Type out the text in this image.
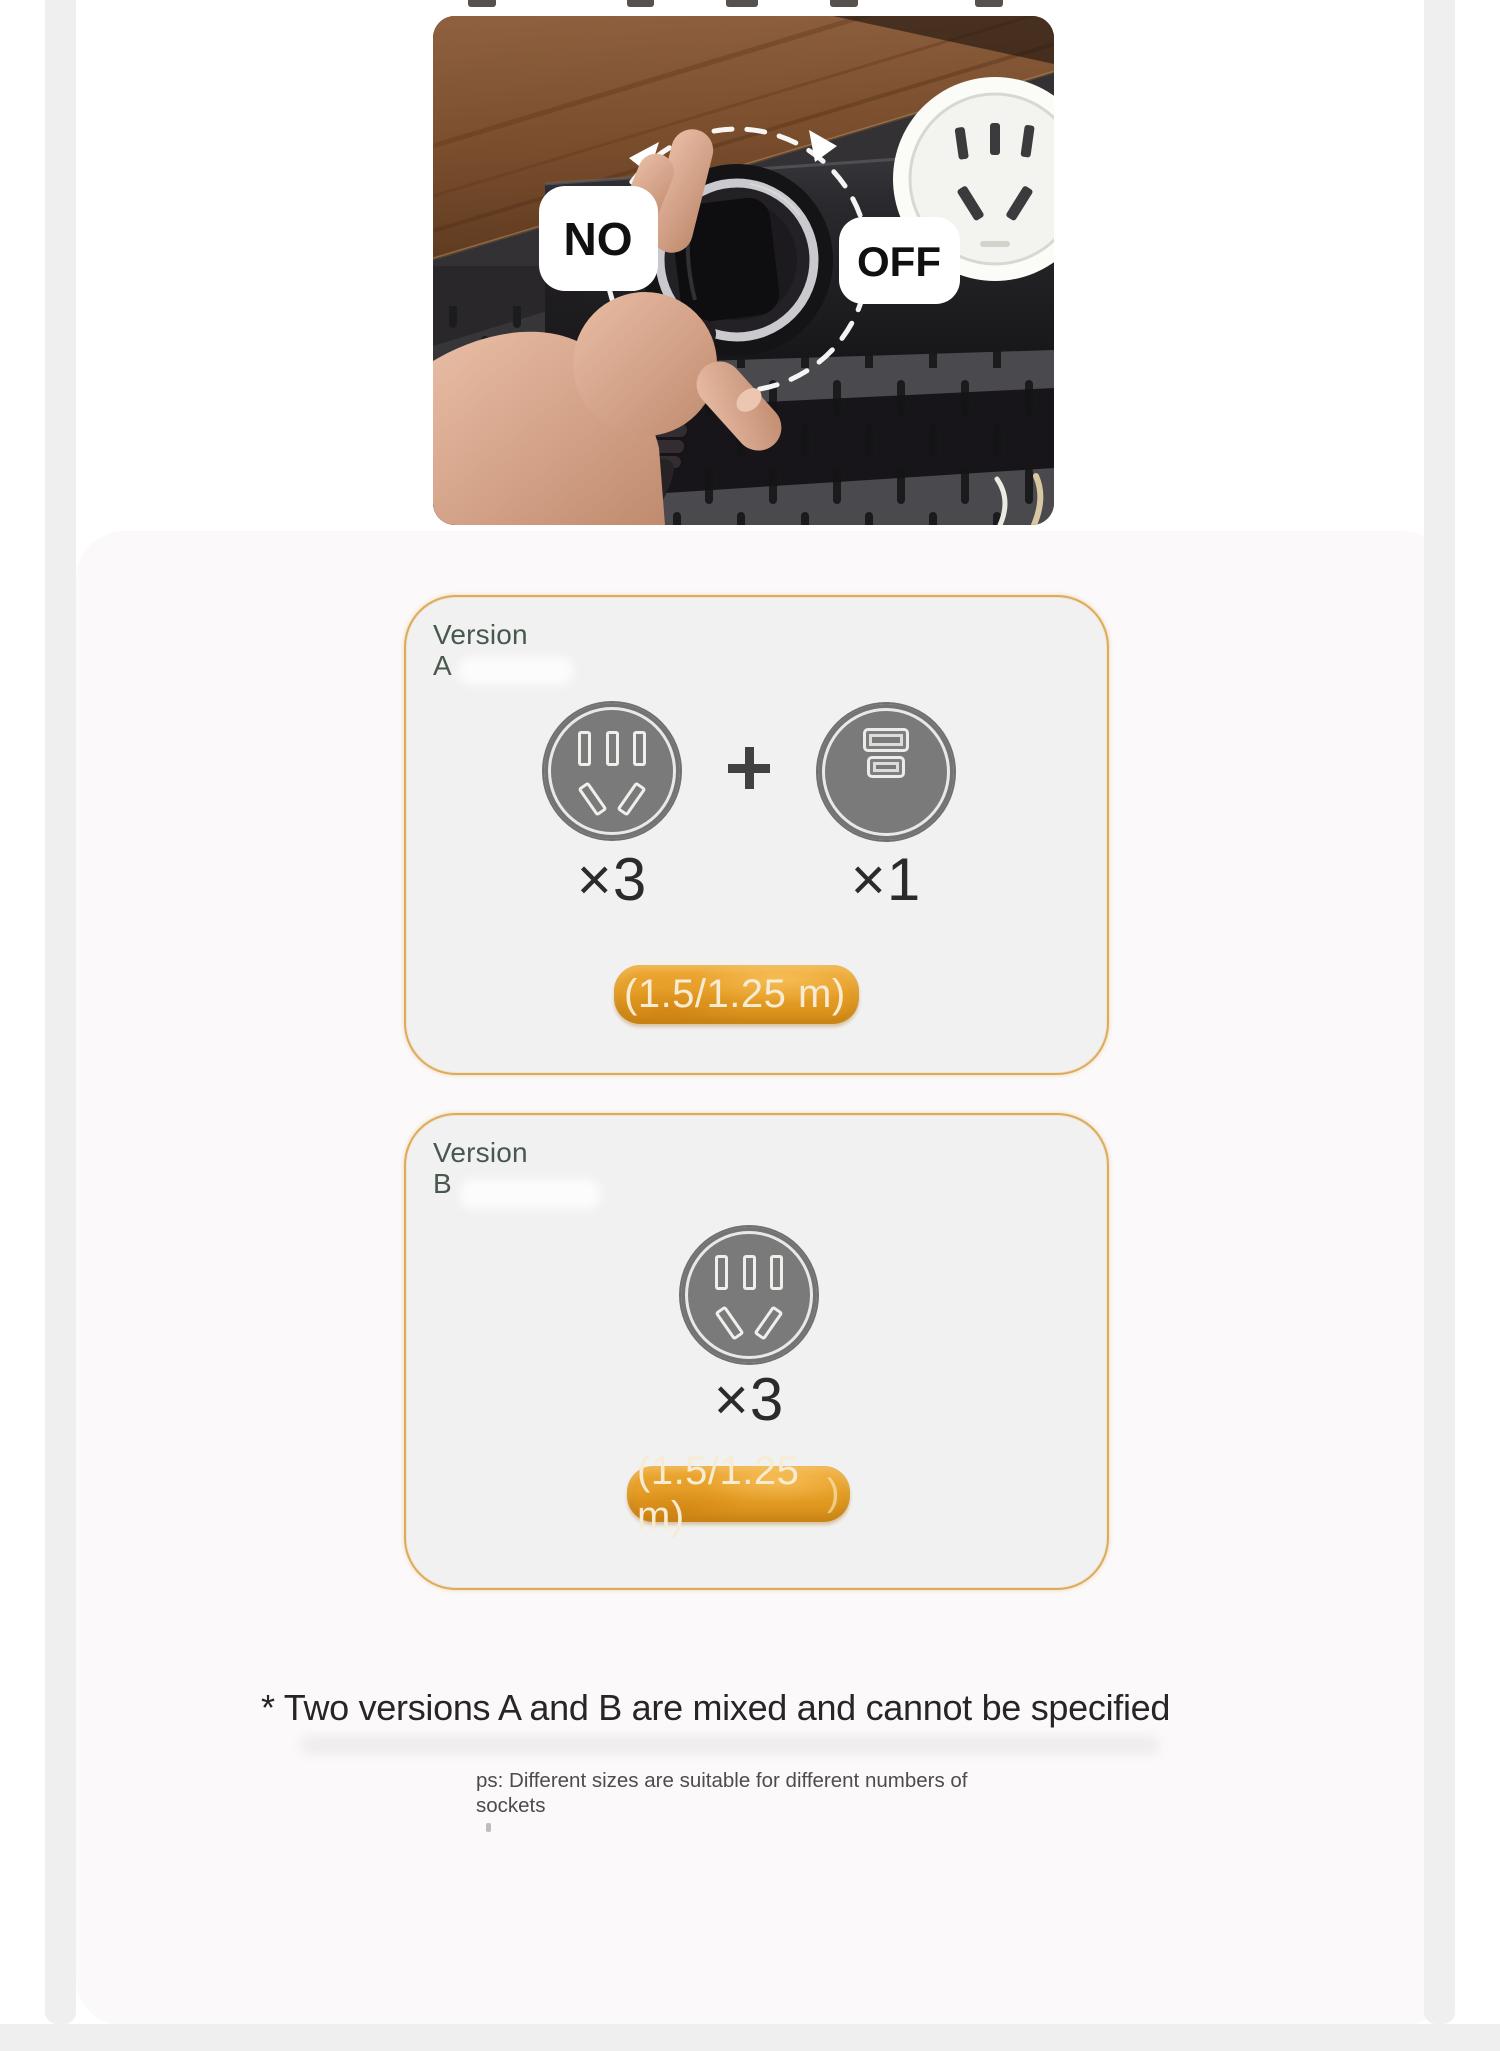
NO	OFF
Version
A
×3	×1
(1.5/1.25 m)
Version
B
×3
(1.5/1.25 m)
)
* Two versions A and B are mixed and cannot be specified
ps: Different sizes are suitable for different numbers of sockets
